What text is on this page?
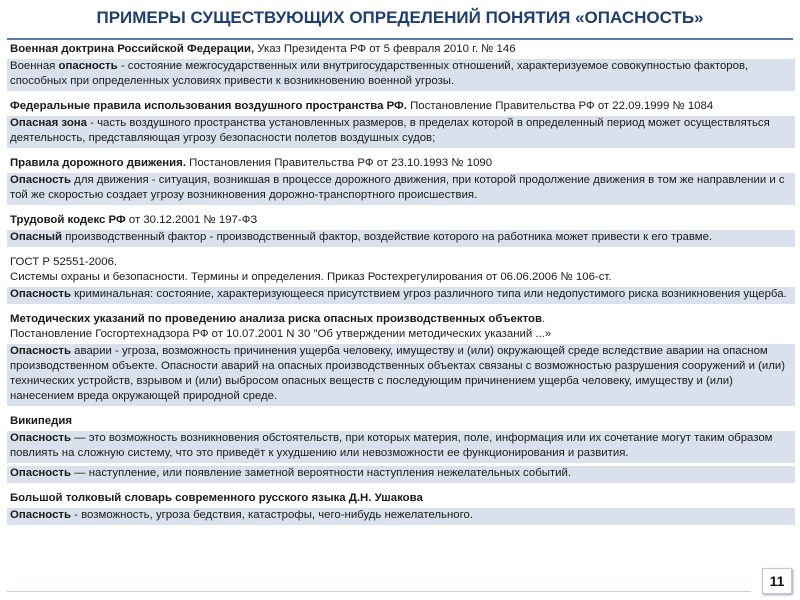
ПРИМЕРЫ СУЩЕСТВУЮЩИХ ОПРЕДЕЛЕНИЙ ПОНЯТИЯ «ОПАСНОСТЬ»
Военная доктрина Российской Федерации, Указ Президента РФ от 5 февраля 2010 г. № 146
Военная опасность - состояние межгосударственных или внутригосударственных отношений, характеризуемое совокупностью факторов, способных при определенных условиях привести к возникновению военной угрозы.
Федеральные правила использования воздушного пространства РФ. Постановление Правительства РФ от 22.09.1999 № 1084
Опасная зона - часть воздушного пространства установленных размеров, в пределах которой в определенный период может осуществляться деятельность, представляющая угрозу безопасности полетов воздушных судов;
Правила дорожного движения. Постановления Правительства РФ от 23.10.1993 № 1090
Опасность для движения - ситуация, возникшая в процессе дорожного движения, при которой продолжение движения в том же направлении и с той же скоростью создает угрозу возникновения дорожно-транспортного происшествия.
Трудовой кодекс РФ от 30.12.2001 № 197-ФЗ
Опасный производственный фактор - производственный фактор, воздействие которого на работника может привести к его травме.
ГОСТ Р 52551-2006.
Системы охраны и безопасности. Термины и определения. Приказ Ростехрегулирования от 06.06.2006 № 106-ст.
Опасность криминальная: состояние, характеризующееся присутствием угроз различного типа или недопустимого риска возникновения ущерба.
Методических указаний по проведению анализа риска опасных производственных объектов.
Постановление Госгортехнадзора РФ от 10.07.2001 N 30 "Об утверждении методических указаний ...»
Опасность аварии - угроза, возможность причинения ущерба человеку, имуществу и (или) окружающей среде вследствие аварии на опасном производственном объекте. Опасности аварий на опасных производственных объектах связаны с возможностью разрушения сооружений и (или) технических устройств, взрывом и (или) выбросом опасных веществ с последующим причинением ущерба человеку, имуществу и (или) нанесением вреда окружающей природной среде.
Википедия
Опасность — это возможность возникновения обстоятельств, при которых материя, поле, информация или их сочетание могут таким образом повлиять на сложную систему, что это приведёт к ухудшению или невозможности ее функционирования и развития.
Опасность — наступление, или появление заметной вероятности наступления нежелательных событий.
Большой толковый словарь современного русского языка Д.Н. Ушакова
Опасность - возможность, угроза бедствия, катастрофы, чего-нибудь нежелательного.
11
